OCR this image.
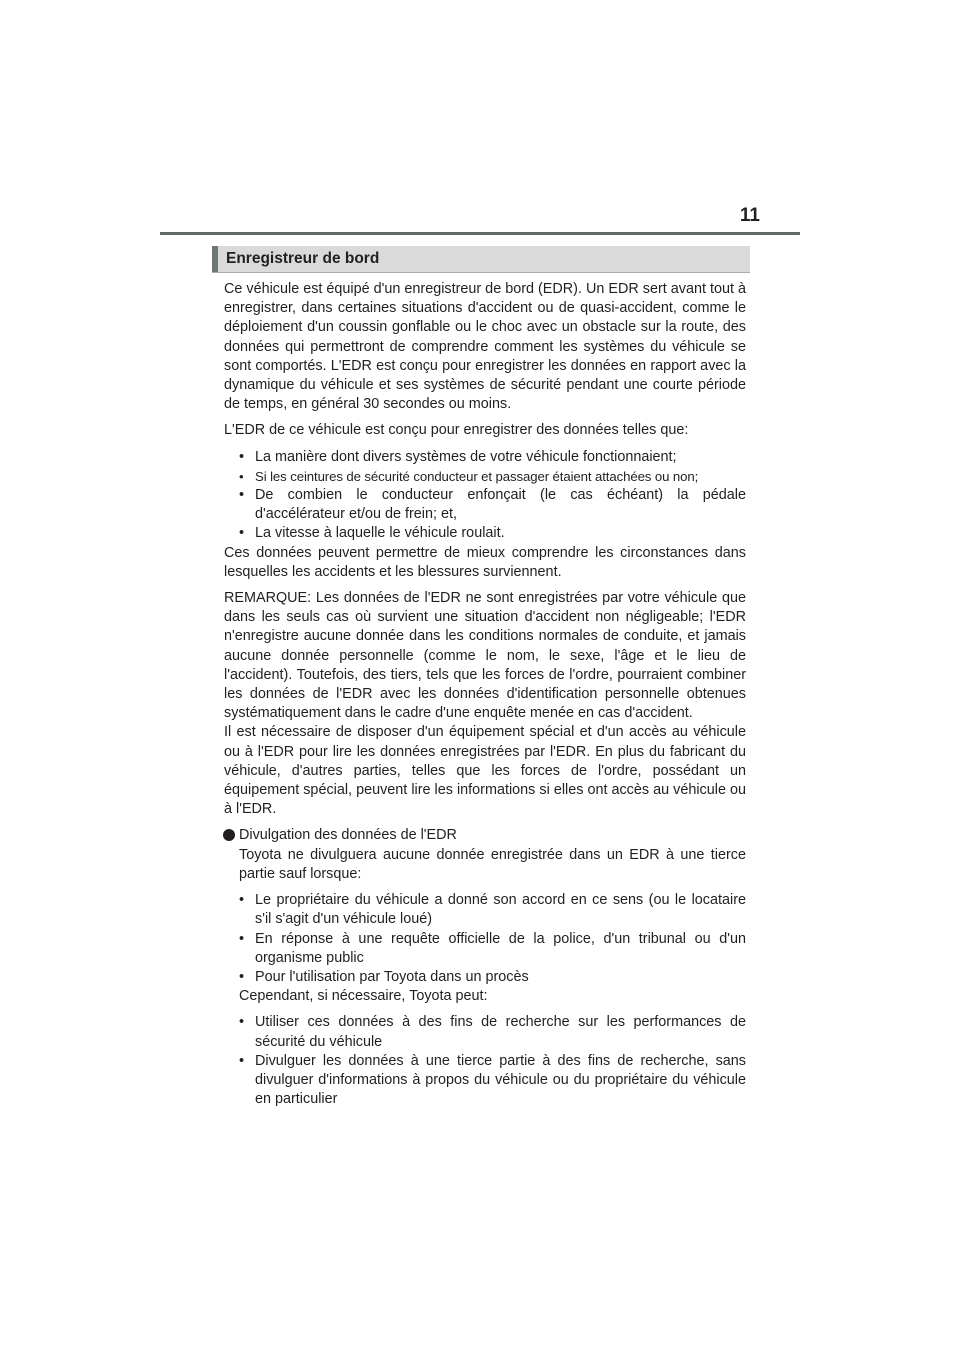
11
Enregistreur de bord

Ce véhicule est équipé d'un enregistreur de bord (EDR). Un EDR sert avant tout à enregistrer, dans certaines situations d'accident ou de quasi-accident, comme le déploiement d'un coussin gonflable ou le choc avec un obstacle sur la route, des données qui permettront de comprendre comment les systèmes du véhicule se sont comportés. L'EDR est conçu pour enregistrer les données en rapport avec la dynamique du véhicule et ses systèmes de sécurité pendant une courte période de temps, en général 30 secondes ou moins.

L'EDR de ce véhicule est conçu pour enregistrer des données telles que:

• La manière dont divers systèmes de votre véhicule fonctionnaient;
• Si les ceintures de sécurité conducteur et passager étaient attachées ou non;
• De combien le conducteur enfonçait (le cas échéant) la pédale d'accélérateur et/ou de frein; et,
• La vitesse à laquelle le véhicule roulait.

Ces données peuvent permettre de mieux comprendre les circonstances dans lesquelles les accidents et les blessures surviennent.

REMARQUE: Les données de l'EDR ne sont enregistrées par votre véhicule que dans les seuls cas où survient une situation d'accident non négligeable; l'EDR n'enregistre aucune donnée dans les conditions normales de conduite, et jamais aucune donnée personnelle (comme le nom, le sexe, l'âge et le lieu de l'accident). Toutefois, des tiers, tels que les forces de l'ordre, pourraient combiner les données de l'EDR avec les données d'identification personnelle obtenues systématiquement dans le cadre d'une enquête menée en cas d'accident.

Il est nécessaire de disposer d'un équipement spécial et d'un accès au véhicule ou à l'EDR pour lire les données enregistrées par l'EDR. En plus du fabricant du véhicule, d'autres parties, telles que les forces de l'ordre, possédant un équipement spécial, peuvent lire les informations si elles ont accès au véhicule ou à l'EDR.

Divulgation des données de l'EDR

Toyota ne divulguera aucune donnée enregistrée dans un EDR à une tierce partie sauf lorsque:

• Le propriétaire du véhicule a donné son accord en ce sens (ou le locataire s'il s'agit d'un véhicule loué)
• En réponse à une requête officielle de la police, d'un tribunal ou d'un organisme public
• Pour l'utilisation par Toyota dans un procès

Cependant, si nécessaire, Toyota peut:

• Utiliser ces données à des fins de recherche sur les performances de sécurité du véhicule
• Divulguer les données à une tierce partie à des fins de recherche, sans divulguer d'informations à propos du véhicule ou du propriétaire du véhicule en particulier
